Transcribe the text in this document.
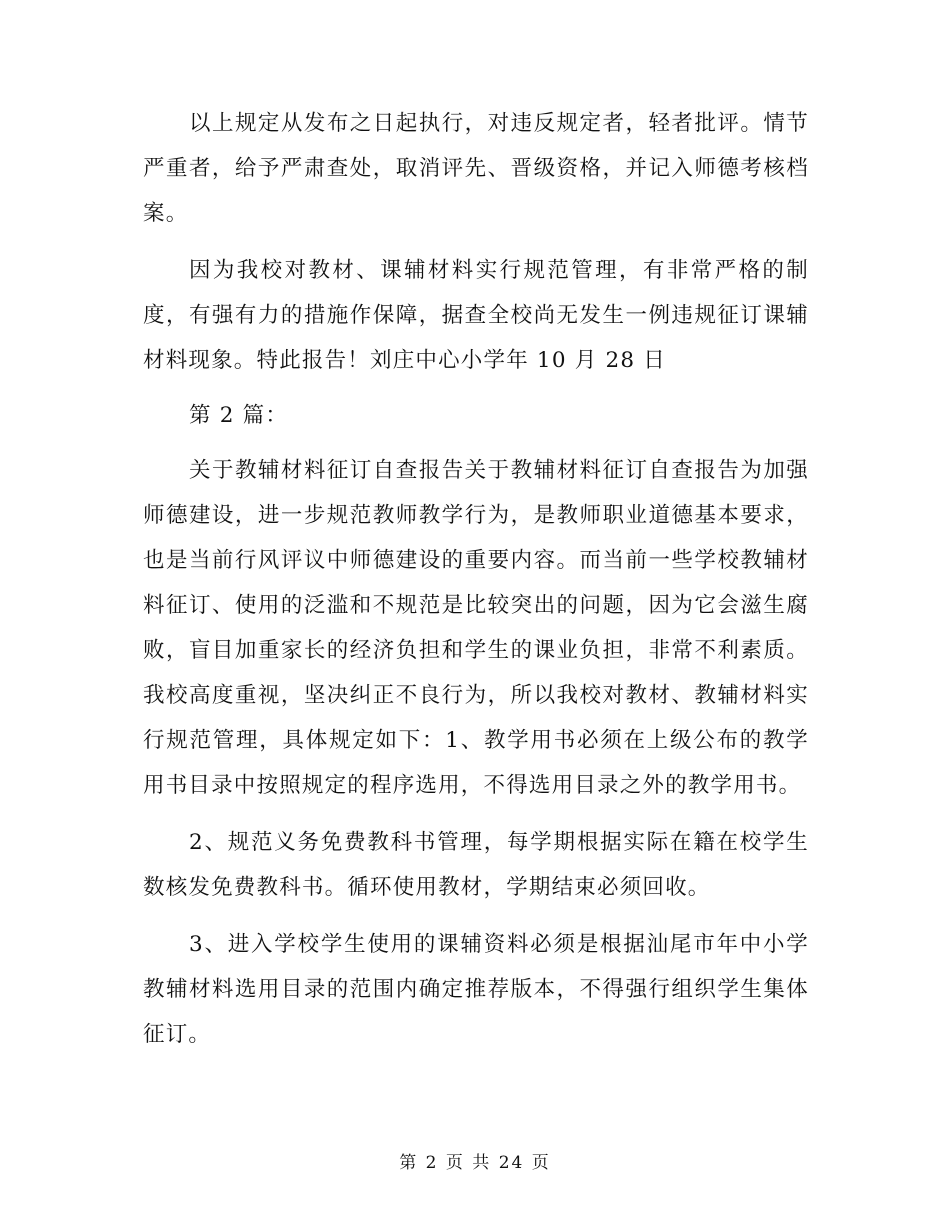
以上规定从发布之日起执行，对违反规定者，轻者批评。情节严重者，给予严肃查处，取消评先、晋级资格，并记入师德考核档案。

因为我校对教材、课辅材料实行规范管理，有非常严格的制度，有强有力的措施作保障，据查全校尚无发生一例违规征订课辅材料现象。特此报告！刘庄中心小学年 10 月 28 日

第 2 篇：

关于教辅材料征订自查报告关于教辅材料征订自查报告为加强师德建设，进一步规范教师教学行为，是教师职业道德基本要求，也是当前行风评议中师德建设的重要内容。而当前一些学校教辅材料征订、使用的泛滥和不规范是比较突出的问题，因为它会滋生腐败，盲目加重家长的经济负担和学生的课业负担，非常不利素质。我校高度重视，坚决纠正不良行为，所以我校对教材、教辅材料实行规范管理，具体规定如下：1、教学用书必须在上级公布的教学用书目录中按照规定的程序选用，不得选用目录之外的教学用书。

2、规范义务免费教科书管理，每学期根据实际在籍在校学生数核发免费教科书。循环使用教材，学期结束必须回收。

3、进入学校学生使用的课辅资料必须是根据汕尾市年中小学教辅材料选用目录的范围内确定推荐版本，不得强行组织学生集体征订。

第 2 页 共 24 页
